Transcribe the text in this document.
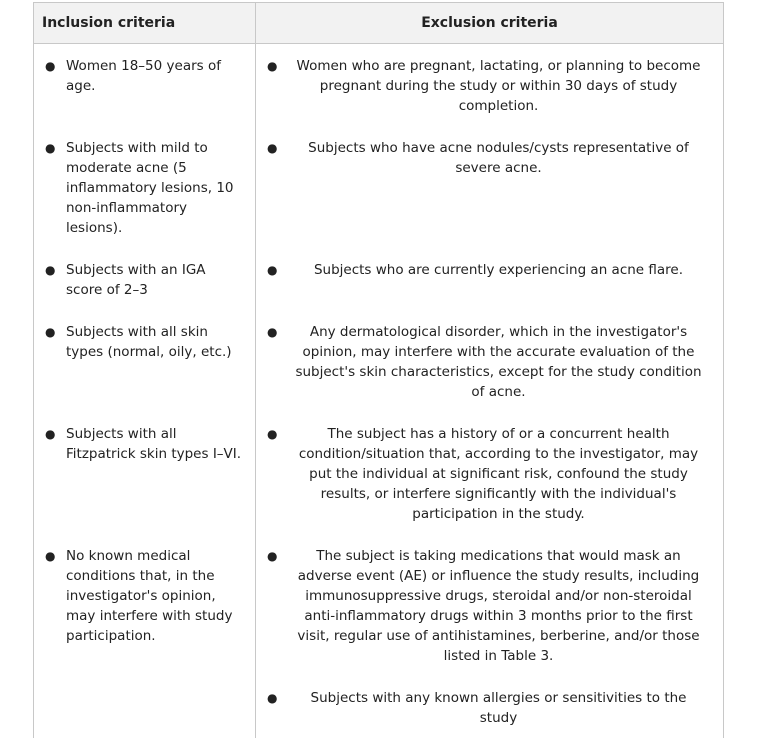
Inclusion criteria	Exclusion criteria

● Women 18–50 years of age.	● Women who are pregnant, lactating, or planning to become pregnant during the study or within 30 days of study completion.

● Subjects with mild to moderate acne (5 inflammatory lesions, 10 non-inflammatory lesions).	● Subjects who have acne nodules/cysts representative of severe acne.

● Subjects with an IGA score of 2–3	● Subjects who are currently experiencing an acne flare.

● Subjects with all skin types (normal, oily, etc.)	● Any dermatological disorder, which in the investigator's opinion, may interfere with the accurate evaluation of the subject's skin characteristics, except for the study condition of acne.

● Subjects with all Fitzpatrick skin types I–VI.	● The subject has a history of or a concurrent health condition/situation that, according to the investigator, may put the individual at significant risk, confound the study results, or interfere significantly with the individual's participation in the study.

● No known medical conditions that, in the investigator's opinion, may interfere with study participation.	● The subject is taking medications that would mask an adverse event (AE) or influence the study results, including immunosuppressive drugs, steroidal and/or non-steroidal anti-inflammatory drugs within 3 months prior to the first visit, regular use of antihistamines, berberine, and/or those listed in Table 3.

	● Subjects with any known allergies or sensitivities to the study
